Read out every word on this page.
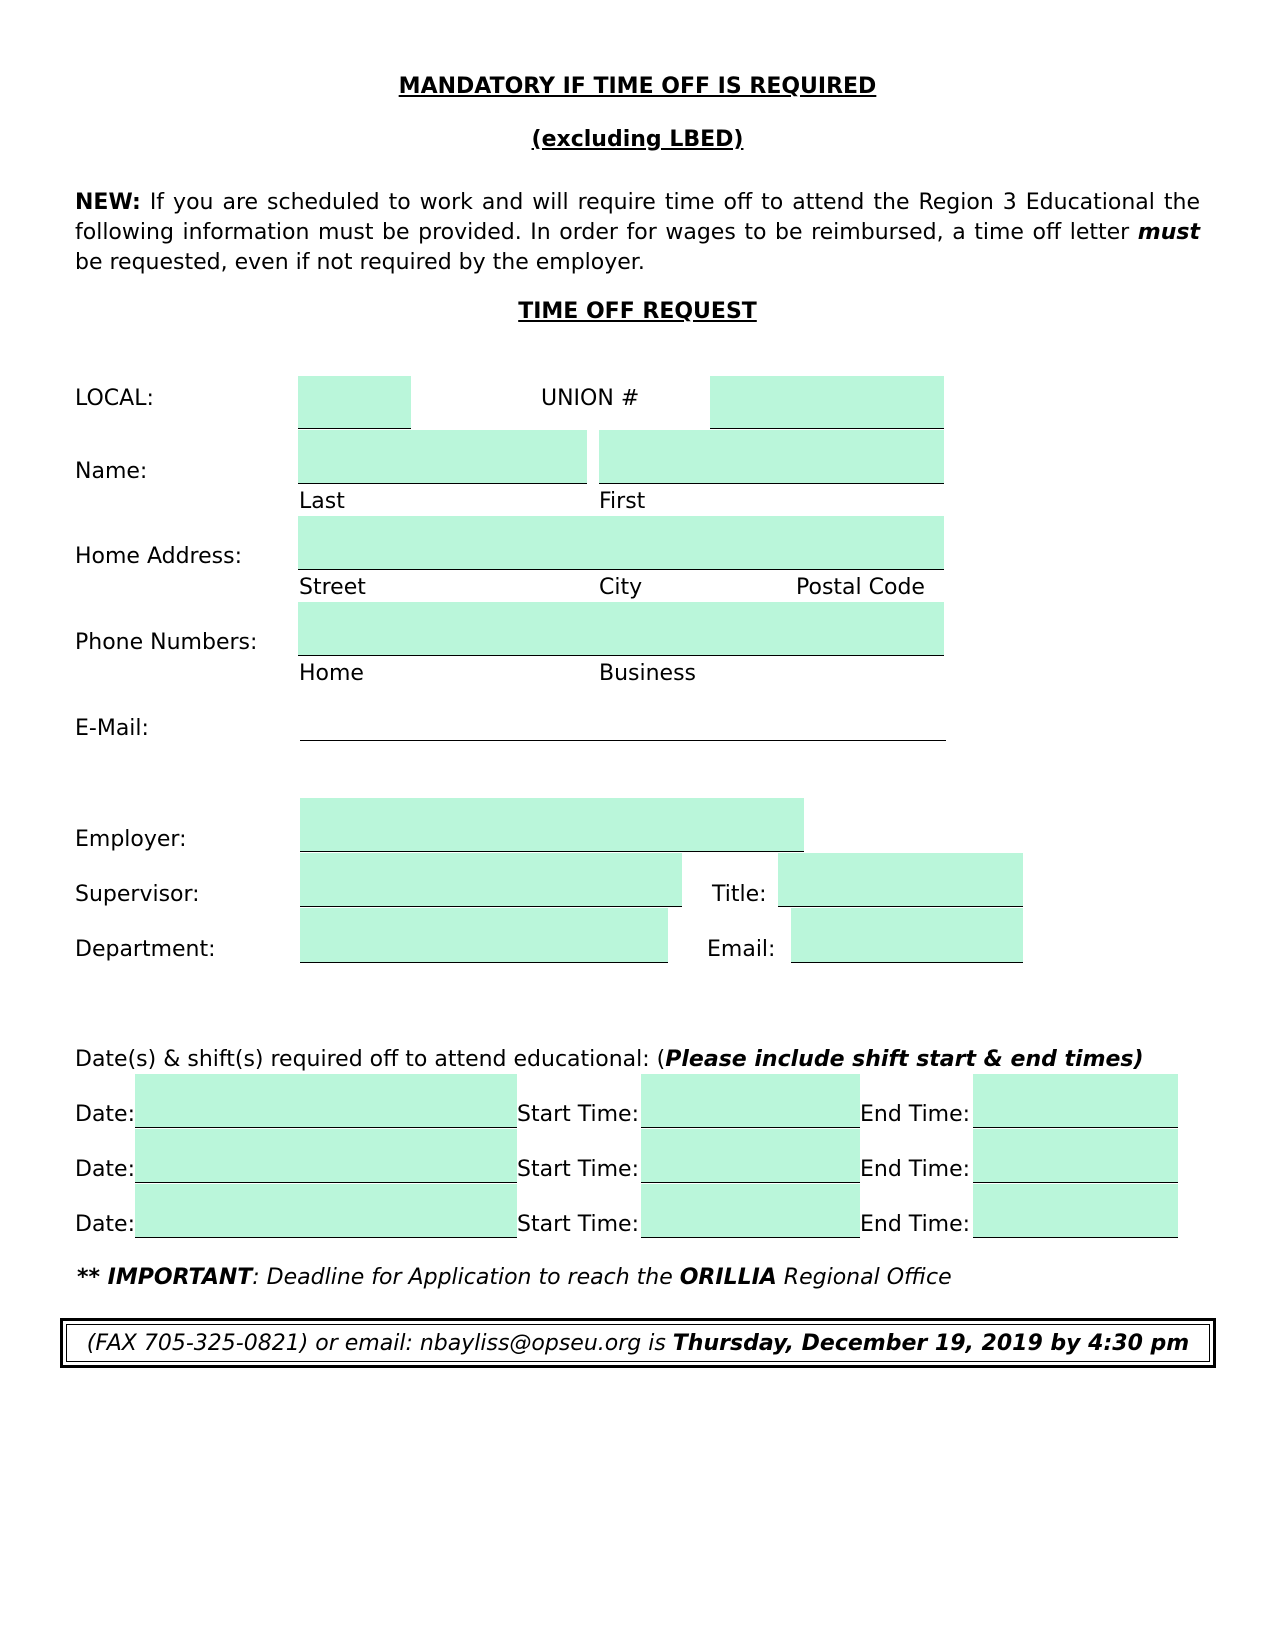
MANDATORY IF TIME OFF IS REQUIRED
(excluding LBED)
NEW: If you are scheduled to work and will require time off to attend the Region 3 Educational the following information must be provided. In order for wages to be reimbursed, a time off letter must be requested, even if not required by the employer.
TIME OFF REQUEST
LOCAL:	UNION #
Name:
Last	First
Home Address:
Street	City	Postal Code
Phone Numbers:
Home	Business
E-Mail:
Employer:
Supervisor:	Title:
Department:	Email:
Date(s) & shift(s) required off to attend educational: (Please include shift start & end times)
Date:	Start Time:	End Time:
Date:	Start Time:	End Time:
Date:	Start Time:	End Time:
** IMPORTANT: Deadline for Application to reach the ORILLIA Regional Office
(FAX 705-325-0821) or email: nbayliss@opseu.org is Thursday, December 19, 2019 by 4:30 pm
